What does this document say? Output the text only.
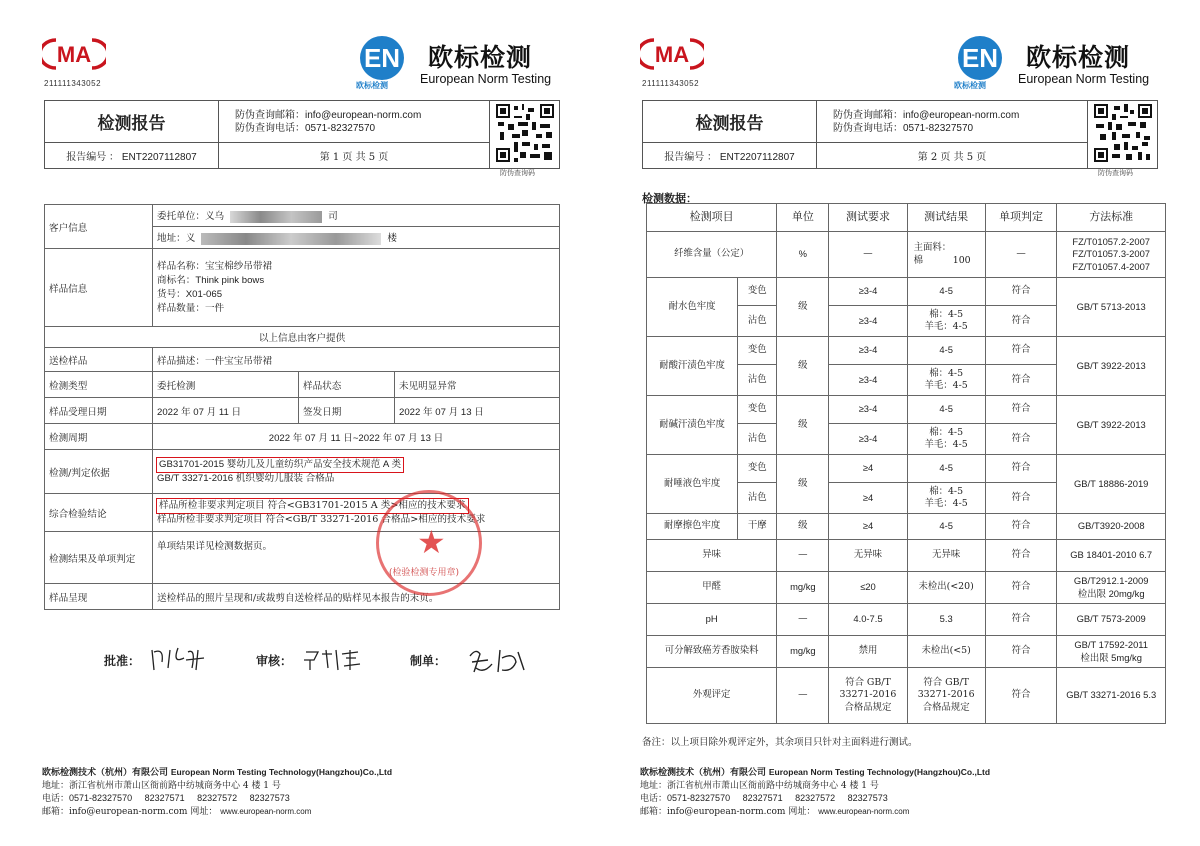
MA
211111343052
EN
欧标检测
欧标检测
European Norm Testing
检测报告	防伪查询邮箱：info@european-norm.com
防伪查询电话：0571-82327570

报告编号 ： ENT2207112807	第 1 页 共 5 页	
防伪查询码
客户信息	委托单位：义乌 司		
	地址：义 楼		
样品信息	样品名称：宝宝棉纱吊带裙
商标名：Think pink bows
货号：X01-065
样品数量：一件		

以上信息由客户提供			
送检样品	样品描述：一件宝宝吊带裙		
检测类型	委托检测	样品状态	未见明显异常
样品受理日期	2022 年 07 月 11 日	签发日期	2022 年 07 月 13 日
检测周期	2022 年 07 月 11 日~2022 年 07 月 13 日		
检测/判定依据	GB31701-2015 婴幼儿及儿童纺织产品安全技术规范 A 类
GB/T 33271-2016 机织婴幼儿服装 合格品		

综合检验结论	样品所检非要求判定项目 符合<GB31701-2015 A 类>相应的技术要求
样品所检非要求判定项目 符合<GB/T 33271-2016 合格品>相应的技术要求		

检测结果及单项判定	单项结果详见检测数据页。		
样品呈现	送检样品的照片呈现和/或裁剪自送检样品的贴样见本报告的末页。		
★
(检验检测专用章)
批准：	审核：	制单：
欧标检测技术（杭州）有限公司 European Norm Testing Technology(Hangzhou)Co.,Ltd
地址：浙江省杭州市萧山区衙前路中纺城商务中心 4 楼 1 号
电话：0571-82327570     82327571     82327572     82327573
邮箱：info@european-norm.com 网址： www.european-norm.com
MA
211111343052
EN
欧标检测
欧标检测
European Norm Testing
检测报告	防伪查询邮箱：info@european-norm.com
防伪查询电话：0571-82327570

报告编号 ： ENT2207112807	第 2 页 共 5 页	
防伪查询码
检测数据：
检测项目		单位	测试要求	测试结果	单项判定	方法标准
纤维含量（公定）		%	—	主面料：
棉          100	—	FZ/T01057.2-2007 FZ/T01057.3-2007 FZ/T01057.4-2007
耐水色牢度	变色	级	≥3-4	4-5	符合	GB/T 5713-2013
	沾色		≥3-4	棉：4-5
羊毛：4-5	符合	
耐酸汗渍色牢度	变色	级	≥3-4	4-5	符合	GB/T 3922-2013
	沾色		≥3-4	棉：4-5
羊毛：4-5	符合	
耐碱汗渍色牢度	变色	级	≥3-4	4-5	符合	GB/T 3922-2013
	沾色		≥3-4	棉：4-5
羊毛：4-5	符合	
耐唾液色牢度	变色	级	≥4	4-5	符合	GB/T 18886-2019
	沾色		≥4	棉：4-5
羊毛：4-5	符合	
耐摩擦色牢度	干摩	级	≥4	4-5	符合	GB/T3920-2008
异味		—	无异味	无异味	符合	GB 18401-2010 6.7
甲醛		mg/kg	≤20	未检出(<20)	符合	GB/T2912.1-2009
检出限 20mg/kg

pH		—	4.0-7.5	5.3	符合	GB/T 7573-2009
可分解致癌芳香胺染料		mg/kg	禁用	未检出(<5)	符合	GB/T 17592-2011
检出限 5mg/kg

外观评定		—	符合 GB/T 33271-2016 合格品规定	符合 GB/T 33271-2016 合格品规定	符合	GB/T 33271-2016 5.3
备注：以上项目除外观评定外，其余项目只针对主面料进行测试。
欧标检测技术（杭州）有限公司 European Norm Testing Technology(Hangzhou)Co.,Ltd
地址：浙江省杭州市萧山区衙前路中纺城商务中心 4 楼 1 号
电话：0571-82327570     82327571     82327572     82327573
邮箱：info@european-norm.com 网址： www.european-norm.com
